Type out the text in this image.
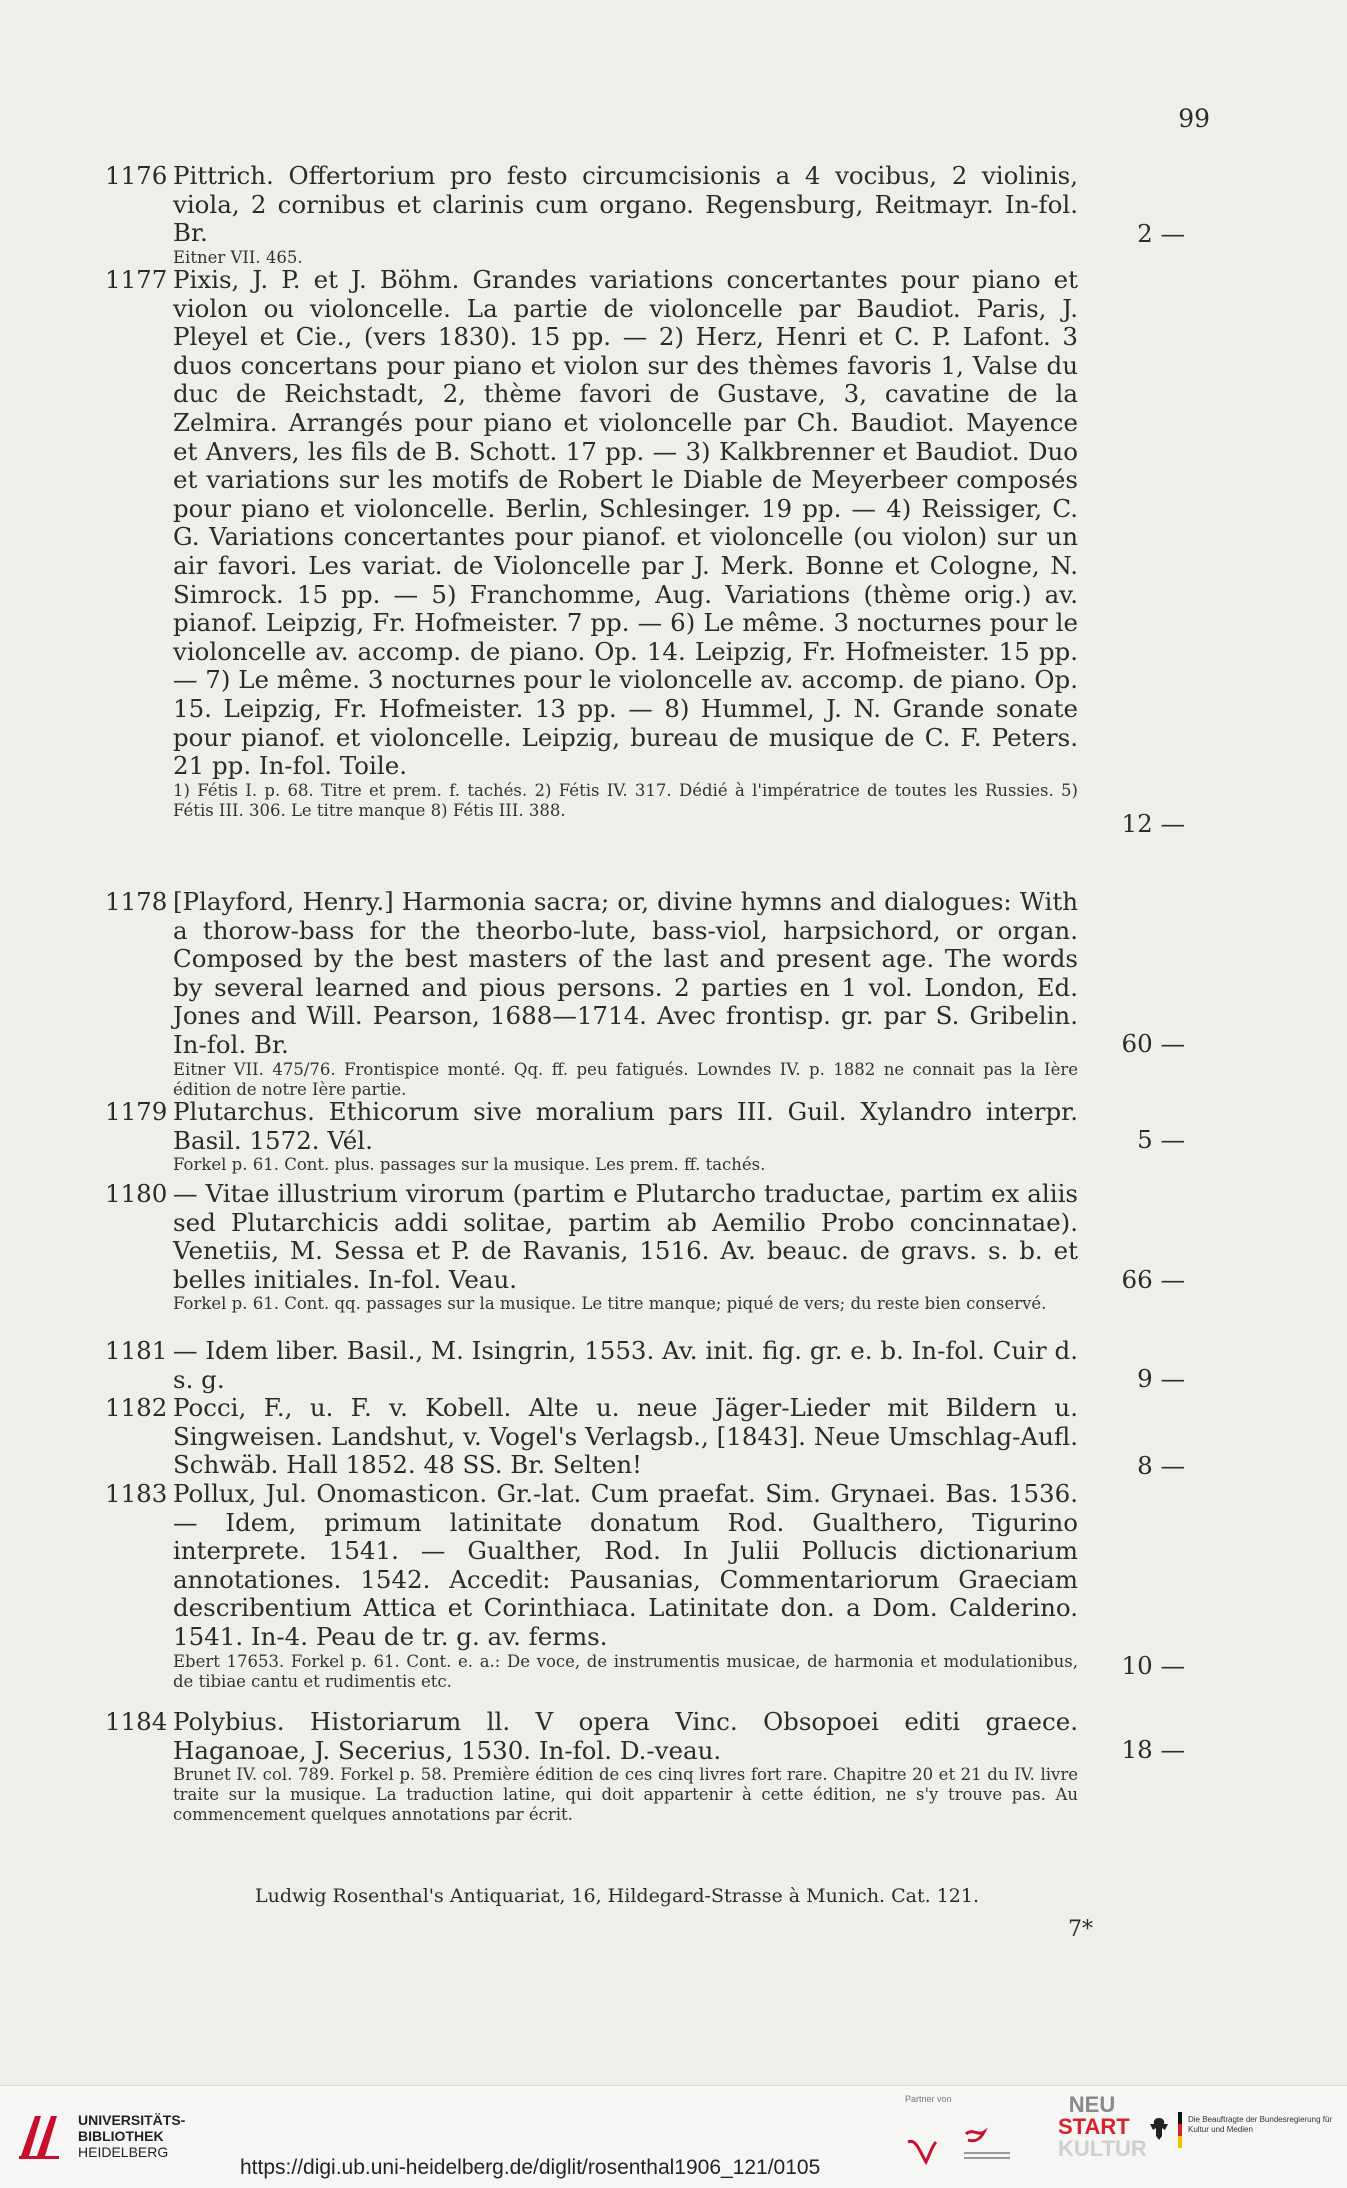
99
1176 Pittrich. Offertorium pro festo circumcisionis a 4 vocibus, 2 violinis, viola, 2 cornibus et clarinis cum organo. Regensburg, Reitmayr. In-fol. Br.
Eitner VII. 465.
2 —
1177 Pixis, J. P. et J. Böhm. Grandes variations concertantes pour piano et violon ou violoncelle. La partie de violoncelle par Baudiot. Paris, J. Pleyel et Cie., (vers 1830). 15 pp. — 2) Herz, Henri et C. P. Lafont. 3 duos concertans pour piano et violon sur des thèmes favoris 1, Valse du duc de Reichstadt, 2, thème favori de Gustave, 3, cavatine de la Zelmira. Arrangés pour piano et violoncelle par Ch. Baudiot. Mayence et Anvers, les fils de B. Schott. 17 pp. — 3) Kalkbrenner et Baudiot. Duo et variations sur les motifs de Robert le Diable de Meyerbeer composés pour piano et violoncelle. Berlin, Schlesinger. 19 pp. — 4) Reissiger, C. G. Variations concertantes pour pianof. et violoncelle (ou violon) sur un air favori. Les variat. de Violoncelle par J. Merk. Bonne et Cologne, N. Simrock. 15 pp. — 5) Franchomme, Aug. Variations (thème orig.) av. pianof. Leipzig, Fr. Hofmeister. 7 pp. — 6) Le même. 3 nocturnes pour le violoncelle av. accomp. de piano. Op. 14. Leipzig, Fr. Hofmeister. 15 pp. — 7) Le même. 3 nocturnes pour le violoncelle av. accomp. de piano. Op. 15. Leipzig, Fr. Hofmeister. 13 pp. — 8) Hummel, J. N. Grande sonate pour pianof. et violoncelle. Leipzig, bureau de musique de C. F. Peters. 21 pp. In-fol. Toile.
1) Fétis I. p. 68. Titre et prem. f. tachés. 2) Fétis IV. 317. Dédié à l'impératrice de toutes les Russies. 5) Fétis III. 306. Le titre manque 8) Fétis III. 388.	12 —
1178 [Playford, Henry.] Harmonia sacra; or, divine hymns and dialogues: With a thorow-bass for the theorbo-lute, bass-viol, harpsichord, or organ. Composed by the best masters of the last and present age. The words by several learned and pious persons. 2 parties en 1 vol. London, Ed. Jones and Will. Pearson, 1688—1714. Avec frontisp. gr. par S. Gribelin. In-fol. Br.
Eitner VII. 475/76. Frontispice monté. Qq. ff. peu fatigués. Lowndes IV. p. 1882 ne connait pas la Ière édition de notre Ière partie.
60 —
1179 Plutarchus. Ethicorum sive moralium pars III. Guil. Xylandro interpr. Basil. 1572. Vél.
Forkel p. 61. Cont. plus. passages sur la musique. Les prem. ff. tachés.
5 —
1180 — Vitae illustrium virorum (partim e Plutarcho traductae, partim ex aliis sed Plutarchicis addi solitae, partim ab Aemilio Probo concinnatae). Venetiis, M. Sessa et P. de Ravanis, 1516. Av. beauc. de gravs. s. b. et belles initiales. In-fol. Veau.
Forkel p. 61. Cont. qq. passages sur la musique. Le titre manque; piqué de vers; du reste bien conservé.
66 —
1181 — Idem liber. Basil., M. Isingrin, 1553. Av. init. fig. gr. e. b. In-fol. Cuir d. s. g.	9 —
1182 Pocci, F., u. F. v. Kobell. Alte u. neue Jäger-Lieder mit Bildern u. Singweisen. Landshut, v. Vogel's Verlagsb., [1843]. Neue Umschlag-Aufl. Schwäb. Hall 1852. 48 SS. Br. Selten!	8 —
1183 Pollux, Jul. Onomasticon. Gr.-lat. Cum praefat. Sim. Grynaei. Bas. 1536. — Idem, primum latinitate donatum Rod. Gualthero, Tigurino interprete. 1541. — Gualther, Rod. In Julii Pollucis dictionarium annotationes. 1542. Accedit: Pausanias, Commentariorum Graeciam describentium Attica et Corinthiaca. Latinitate don. a Dom. Calderino. 1541. In-4. Peau de tr. g. av. ferms.
Ebert 17653. Forkel p. 61. Cont. e. a.: De voce, de instrumentis musicae, de harmonia et modulationibus, de tibiae cantu et rudimentis etc.
10 —
1184 Polybius. Historiarum ll. V opera Vinc. Obsopoei editi graece. Haganoae, J. Secerius, 1530. In-fol. D.-veau.
Brunet IV. col. 789. Forkel p. 58. Première édition de ces cinq livres fort rare. Chapitre 20 et 21 du IV. livre traite sur la musique. La traduction latine, qui doit appartenir à cette édition, ne s'y trouve pas. Au commencement quelques annotations par écrit.
18 —
Ludwig Rosenthal's Antiquariat, 16, Hildegard-Strasse à Munich. Cat. 121.
7*
UNIVERSITÄTS-
BIBLIOTHEK
HEIDELBERG
https://digi.ub.uni-heidelberg.de/diglit/rosenthal1906_121/0105
Partner von	NEU
START
KULTUR
Die Beauftragte der Bundesregierung für Kultur und Medien
